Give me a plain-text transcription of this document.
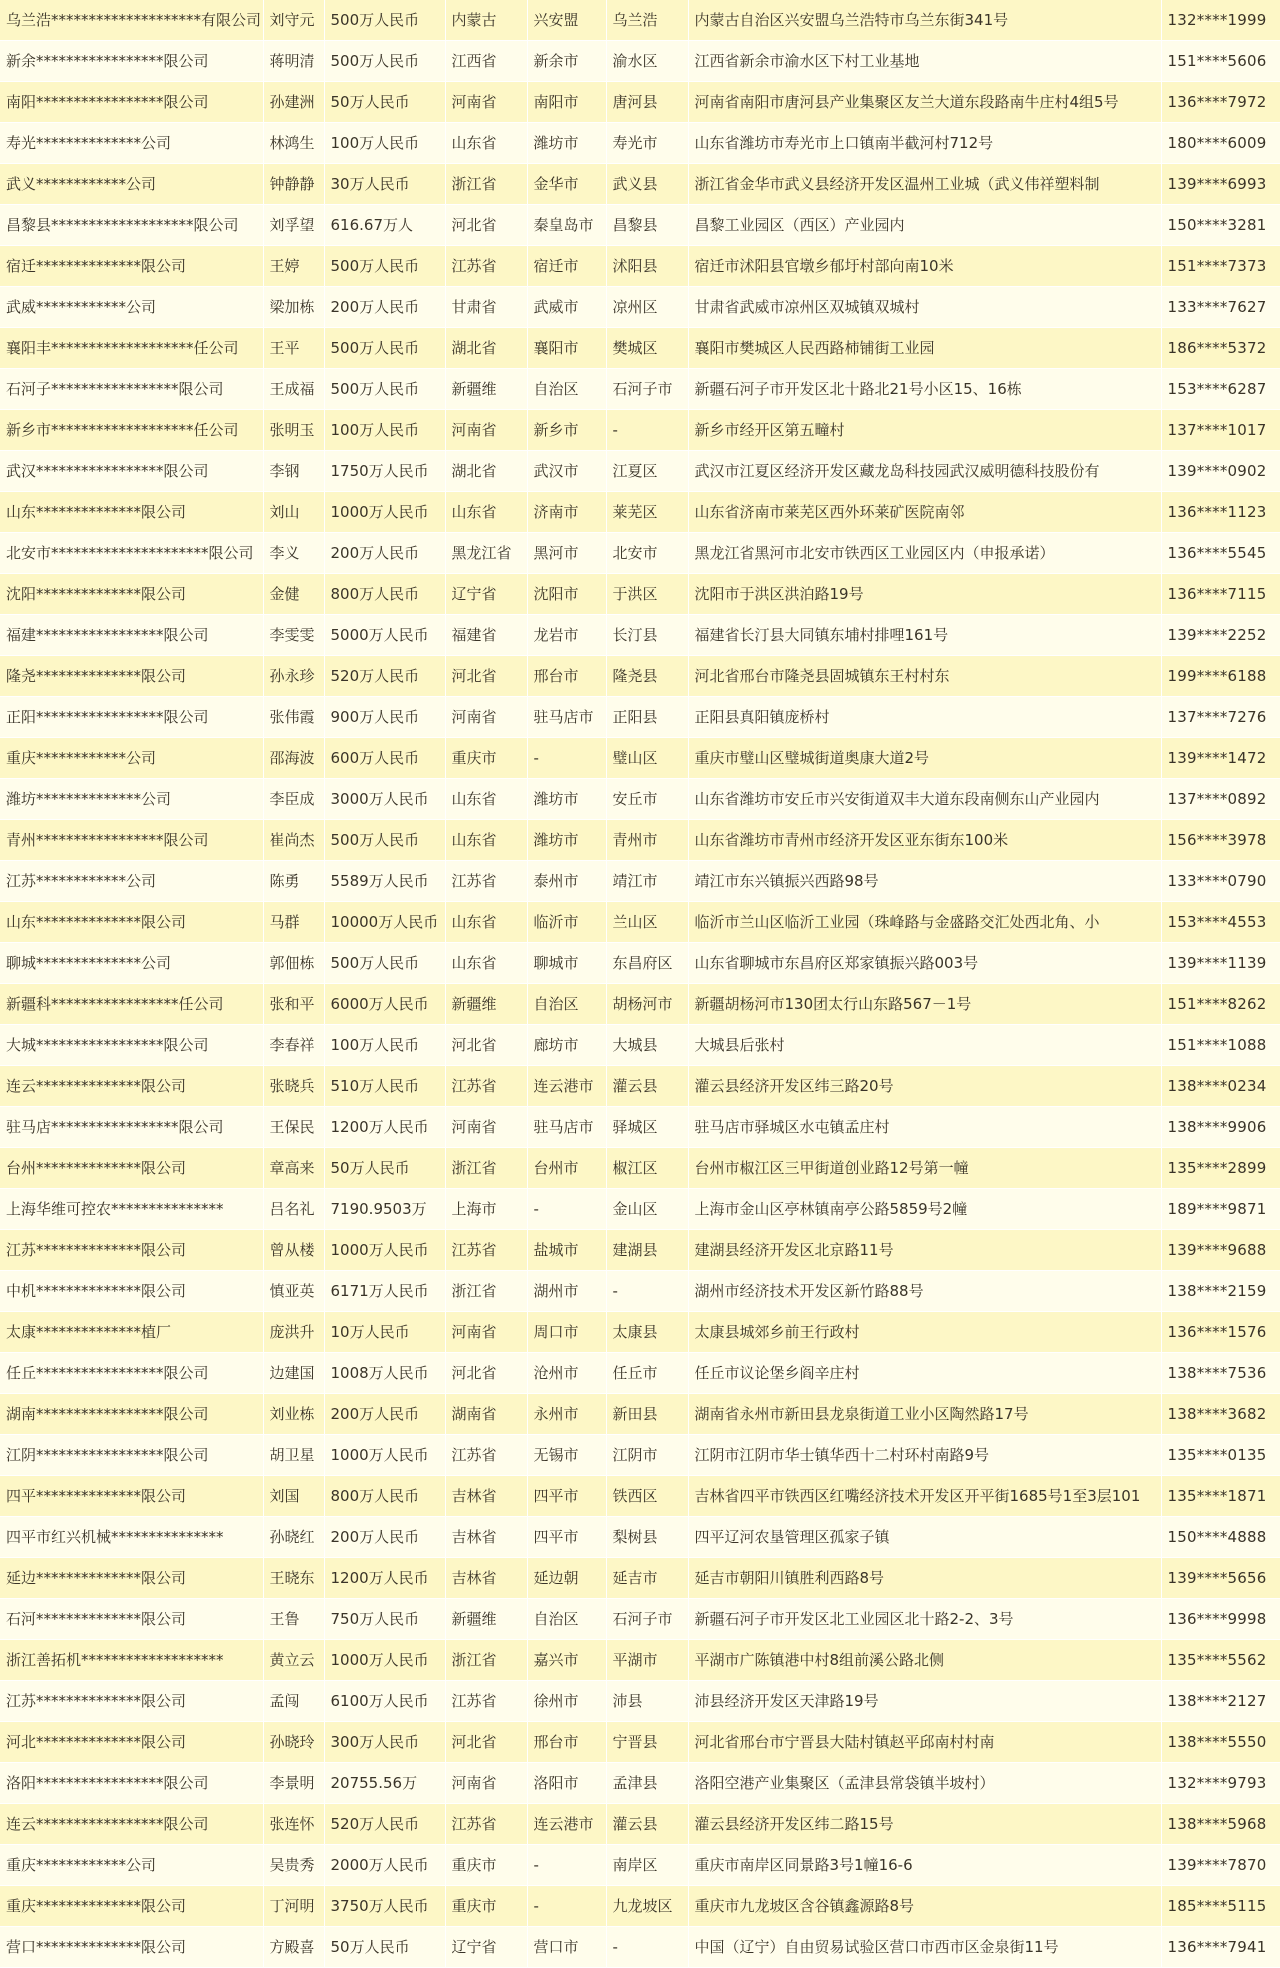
乌兰浩********************有限公司	刘守元	500万人民币	内蒙古	兴安盟	乌兰浩	内蒙古自治区兴安盟乌兰浩特市乌兰东街341号	132****1999
新余*****************限公司	蒋明清	500万人民币	江西省	新余市	渝水区	江西省新余市渝水区下村工业基地	151****5606
南阳*****************限公司	孙建洲	50万人民币	河南省	南阳市	唐河县	河南省南阳市唐河县产业集聚区友兰大道东段路南牛庄村4组5号	136****7972
寿光**************公司	林鸿生	100万人民币	山东省	潍坊市	寿光市	山东省潍坊市寿光市上口镇南半截河村712号	180****6009
武义************公司	钟静静	30万人民币	浙江省	金华市	武义县	浙江省金华市武义县经济开发区温州工业城（武义伟祥塑料制	139****6993
昌黎县*******************限公司	刘孚望	616.67万人	河北省	秦皇岛市	昌黎县	昌黎工业园区（西区）产业园内	150****3281
宿迁**************限公司	王婷	500万人民币	江苏省	宿迁市	沭阳县	宿迁市沭阳县官墩乡郁圩村部向南10米	151****7373
武威************公司	梁加栋	200万人民币	甘肃省	武威市	凉州区	甘肃省武威市凉州区双城镇双城村	133****7627
襄阳丰*******************任公司	王平	500万人民币	湖北省	襄阳市	樊城区	襄阳市樊城区人民西路柿铺街工业园	186****5372
石河子*****************限公司	王成福	500万人民币	新疆维	自治区	石河子市	新疆石河子市开发区北十路北21号小区15、16栋	153****6287
新乡市*******************任公司	张明玉	100万人民币	河南省	新乡市	-	新乡市经开区第五疃村	137****1017
武汉*****************限公司	李钢	1750万人民币	湖北省	武汉市	江夏区	武汉市江夏区经济开发区藏龙岛科技园武汉威明德科技股份有	139****0902
山东**************限公司	刘山	1000万人民币	山东省	济南市	莱芜区	山东省济南市莱芜区西外环莱矿医院南邻	136****1123
北安市*********************限公司	李义	200万人民币	黑龙江省	黑河市	北安市	黑龙江省黑河市北安市铁西区工业园区内（申报承诺）	136****5545
沈阳**************限公司	金健	800万人民币	辽宁省	沈阳市	于洪区	沈阳市于洪区洪泊路19号	136****7115
福建*****************限公司	李雯雯	5000万人民币	福建省	龙岩市	长汀县	福建省长汀县大同镇东埔村排哩161号	139****2252
隆尧**************限公司	孙永珍	520万人民币	河北省	邢台市	隆尧县	河北省邢台市隆尧县固城镇东王村村东	199****6188
正阳*****************限公司	张伟霞	900万人民币	河南省	驻马店市	正阳县	正阳县真阳镇庞桥村	137****7276
重庆************公司	邵海波	600万人民币	重庆市	-	璧山区	重庆市璧山区璧城街道奥康大道2号	139****1472
潍坊**************公司	李臣成	3000万人民币	山东省	潍坊市	安丘市	山东省潍坊市安丘市兴安街道双丰大道东段南侧东山产业园内	137****0892
青州*****************限公司	崔尚杰	500万人民币	山东省	潍坊市	青州市	山东省潍坊市青州市经济开发区亚东街东100米	156****3978
江苏************公司	陈勇	5589万人民币	江苏省	泰州市	靖江市	靖江市东兴镇振兴西路98号	133****0790
山东**************限公司	马群	10000万人民币	山东省	临沂市	兰山区	临沂市兰山区临沂工业园（珠峰路与金盛路交汇处西北角、小	153****4553
聊城**************公司	郭佃栋	500万人民币	山东省	聊城市	东昌府区	山东省聊城市东昌府区郑家镇振兴路003号	139****1139
新疆科*****************任公司	张和平	6000万人民币	新疆维	自治区	胡杨河市	新疆胡杨河市130团太行山东路567－1号	151****8262
大城*****************限公司	李春祥	100万人民币	河北省	廊坊市	大城县	大城县后张村	151****1088
连云**************限公司	张晓兵	510万人民币	江苏省	连云港市	灌云县	灌云县经济开发区纬三路20号	138****0234
驻马店*****************限公司	王保民	1200万人民币	河南省	驻马店市	驿城区	驻马店市驿城区水屯镇孟庄村	138****9906
台州**************限公司	章高来	50万人民币	浙江省	台州市	椒江区	台州市椒江区三甲街道创业路12号第一幢	135****2899
上海华维可控农***************	吕名礼	7190.9503万	上海市	-	金山区	上海市金山区亭林镇南亭公路5859号2幢	189****9871
江苏**************限公司	曾从楼	1000万人民币	江苏省	盐城市	建湖县	建湖县经济开发区北京路11号	139****9688
中机**************限公司	慎亚英	6171万人民币	浙江省	湖州市	-	湖州市经济技术开发区新竹路88号	138****2159
太康**************植厂	庞洪升	10万人民币	河南省	周口市	太康县	太康县城郊乡前王行政村	136****1576
任丘*****************限公司	边建国	1008万人民币	河北省	沧州市	任丘市	任丘市议论堡乡阎辛庄村	138****7536
湖南*****************限公司	刘业栋	200万人民币	湖南省	永州市	新田县	湖南省永州市新田县龙泉街道工业小区陶然路17号	138****3682
江阴*****************限公司	胡卫星	1000万人民币	江苏省	无锡市	江阴市	江阴市江阴市华士镇华西十二村环村南路9号	135****0135
四平**************限公司	刘国	800万人民币	吉林省	四平市	铁西区	吉林省四平市铁西区红嘴经济技术开发区开平街1685号1至3层101	135****1871
四平市红兴机械***************	孙晓红	200万人民币	吉林省	四平市	梨树县	四平辽河农垦管理区孤家子镇	150****4888
延边**************限公司	王晓东	1200万人民币	吉林省	延边朝	延吉市	延吉市朝阳川镇胜利西路8号	139****5656
石河**************限公司	王鲁	750万人民币	新疆维	自治区	石河子市	新疆石河子市开发区北工业园区北十路2-2、3号	136****9998
浙江善拓机*******************	黄立云	1000万人民币	浙江省	嘉兴市	平湖市	平湖市广陈镇港中村8组前溪公路北侧	135****5562
江苏**************限公司	孟闯	6100万人民币	江苏省	徐州市	沛县	沛县经济开发区天津路19号	138****2127
河北**************限公司	孙晓玲	300万人民币	河北省	邢台市	宁晋县	河北省邢台市宁晋县大陆村镇赵平邱南村村南	138****5550
洛阳*****************限公司	李景明	20755.56万	河南省	洛阳市	孟津县	洛阳空港产业集聚区（孟津县常袋镇半坡村）	132****9793
连云*****************限公司	张连怀	520万人民币	江苏省	连云港市	灌云县	灌云县经济开发区纬二路15号	138****5968
重庆************公司	吴贵秀	2000万人民币	重庆市	-	南岸区	重庆市南岸区同景路3号1幢16-6	139****7870
重庆**************限公司	丁河明	3750万人民币	重庆市	-	九龙坡区	重庆市九龙坡区含谷镇鑫源路8号	185****5115
营口**************限公司	方殿喜	50万人民币	辽宁省	营口市	-	中国（辽宁）自由贸易试验区营口市西市区金泉街11号	136****7941
